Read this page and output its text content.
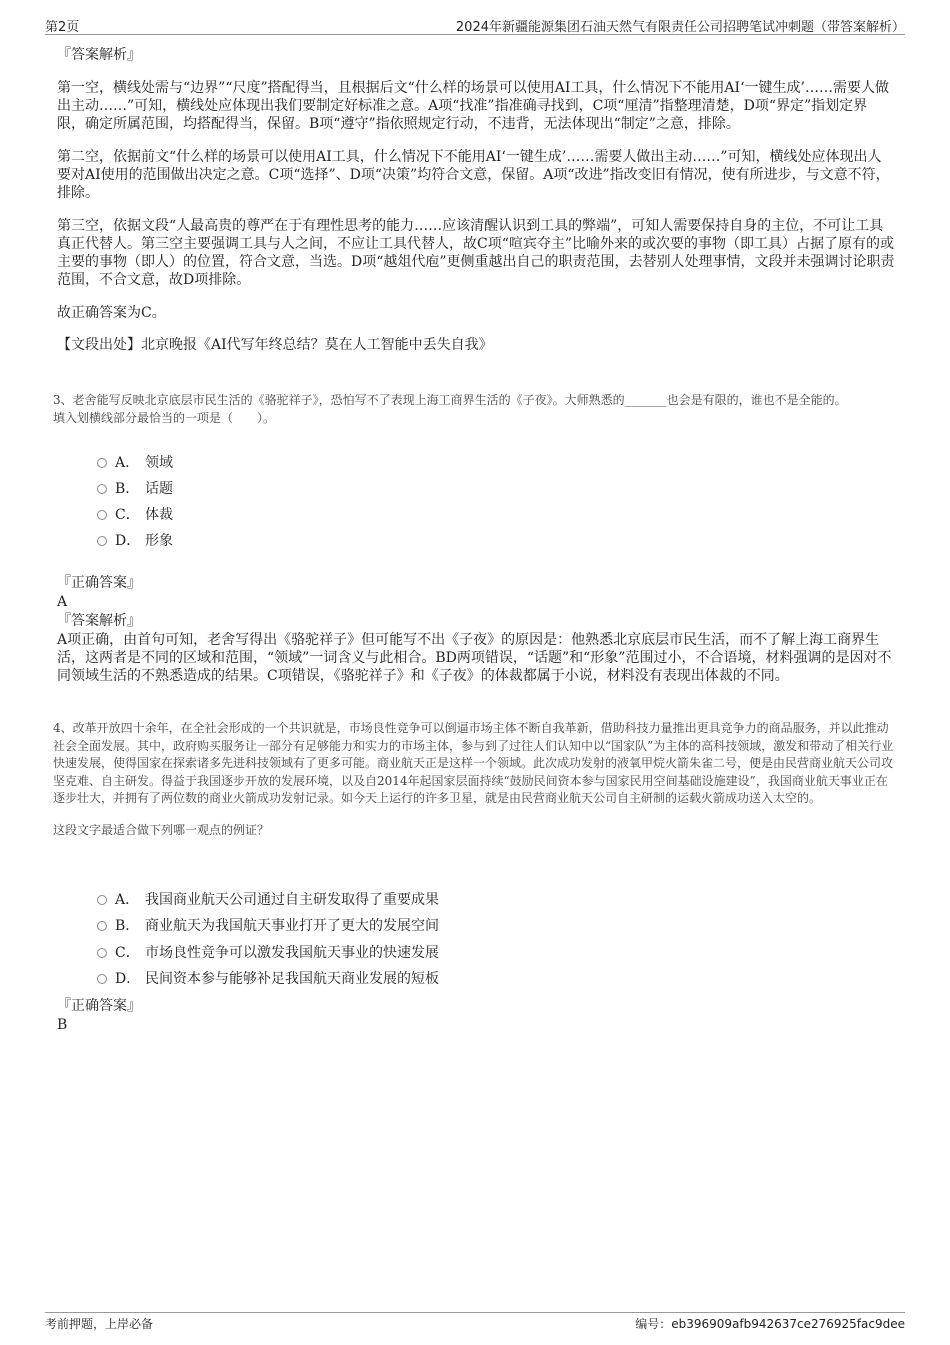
第2页	2024年新疆能源集团石油天然气有限责任公司招聘笔试冲刺题（带答案解析）

『答案解析』

第一空，横线处需与“边界”“尺度”搭配得当，且根据后文“什么样的场景可以使用AI工具，什么情况下不能用AI‘一键生成’……需要人做出主动……”可知，横线处应体现出我们要制定好标准之意。A项“找准”指准确寻找到，C项“厘清”指整理清楚，D项“界定”指划定界限，确定所属范围，均搭配得当，保留。B项“遵守”指依照规定行动，不违背，无法体现出“制定”之意，排除。

第二空，依据前文“什么样的场景可以使用AI工具，什么情况下不能用AI‘一键生成’……需要人做出主动……”可知，横线处应体现出人要对AI使用的范围做出决定之意。C项“选择”、D项“决策”均符合文意，保留。A项“改进”指改变旧有情况，使有所进步，与文意不符，排除。

第三空，依据文段“人最高贵的尊严在于有理性思考的能力……应该清醒认识到工具的弊端”，可知人需要保持自身的主位，不可让工具真正代替人。第三空主要强调工具与人之间，不应让工具代替人，故C项“喧宾夺主”比喻外来的或次要的事物（即工具）占据了原有的或主要的事物（即人）的位置，符合文意，当选。D项“越俎代庖”更侧重越出自己的职责范围，去替别人处理事情，文段并未强调讨论职责范围，不合文意，故D项排除。

故正确答案为C。

【文段出处】北京晚报《AI代写年终总结？莫在人工智能中丢失自我》

3、老舍能写反映北京底层市民生活的《骆驼祥子》，恐怕写不了表现上海工商界生活的《子夜》。大师熟悉的_______也会是有限的，谁也不是全能的。

填入划横线部分最恰当的一项是（　　）。

A． 领域
B． 话题
C． 体裁
D． 形象

『正确答案』

A

『答案解析』

A项正确，由首句可知，老舍写得出《骆驼祥子》但可能写不出《子夜》的原因是：他熟悉北京底层市民生活，而不了解上海工商界生活，这两者是不同的区域和范围，“领域”一词含义与此相合。BD两项错误，“话题”和“形象”范围过小，不合语境，材料强调的是因对不同领域生活的不熟悉造成的结果。C项错误，《骆驼祥子》和《子夜》的体裁都属于小说，材料没有表现出体裁的不同。

4、改革开放四十余年，在全社会形成的一个共识就是，市场良性竞争可以倒逼市场主体不断自我革新，借助科技力量推出更具竞争力的商品服务，并以此推动社会全面发展。其中，政府购买服务让一部分有足够能力和实力的市场主体，参与到了过往人们认知中以“国家队”为主体的高科技领域，激发和带动了相关行业快速发展，使得国家在探索诸多先进科技领域有了更多可能。商业航天正是这样一个领域。此次成功发射的液氧甲烷火箭朱雀二号，便是由民营商业航天公司攻坚克难、自主研发。得益于我国逐步开放的发展环境，以及自2014年起国家层面持续“鼓励民间资本参与国家民用空间基础设施建设”，我国商业航天事业正在逐步壮大，并拥有了两位数的商业火箭成功发射记录。如今天上运行的许多卫星，就是由民营商业航天公司自主研制的运载火箭成功送入太空的。

这段文字最适合做下列哪一观点的例证？

A． 我国商业航天公司通过自主研发取得了重要成果
B． 商业航天为我国航天事业打开了更大的发展空间
C． 市场良性竞争可以激发我国航天事业的快速发展
D． 民间资本参与能够补足我国航天商业发展的短板

『正确答案』

B

考前押题，上岸必备	编号：eb396909afb942637ce276925fac9dee
